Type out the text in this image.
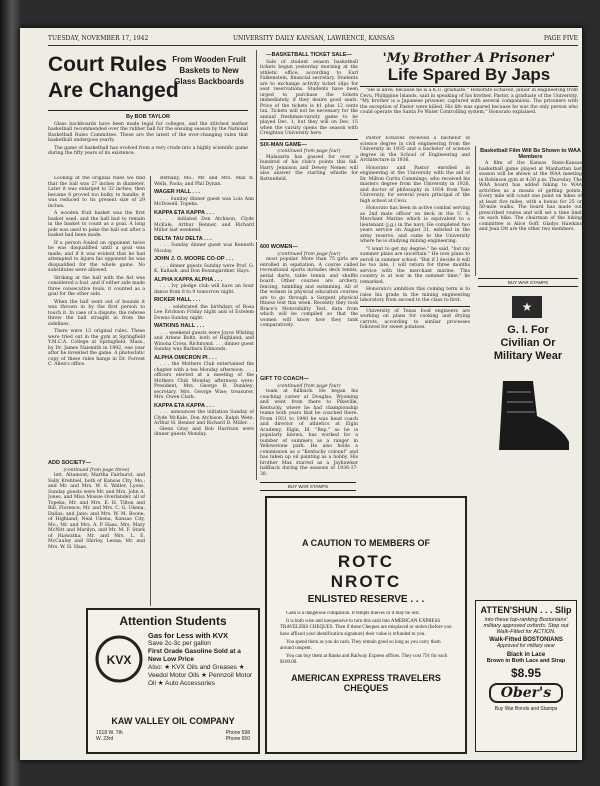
TUESDAY, NOVEMBER 17, 1942	UNIVERSITY DAILY KANSAN, LAWRENCE, KANSAS	PAGE FIVE
Court Rules
Are Changed
From Wooden Fruit
Baskets to New
Glass Backboards
By BOB TAYLOR

Glass backboards have been made legal for colleges, and the stitched leather basketball recommended over the rubber ball for the ensuing season by the National Basketball Rules Committee. These are the latest of the ever-changing rules that basketball undergoes yearly.

The game of basketball has evolved from a very crude into a highly scientific game during the fifty years of its existence.

Looking at the original rules we find that the ball was 27 inches in diameter. Later it was enlarged to 32 inches; then became 8 proved too bulky to handle; it was reduced to its present size of 29 inches.

A wooden fruit basket was the first basket used, and the ball had to remain in the basket to count as a goal. A long pole was used to poke the ball out after a basket had been made.

If a person fouled an opponent twice he was disqualified until a goal was made; and if it was evident that he had attempted to injure his opponent he was disqualified for the whole game. No substitutes were allowed.

Striking at the ball with the fist was considered a foul, and if either side made three consecutive fouls, it counted as a goal for the other side.

When the ball went out of bounds it was thrown in by the first person to touch it. In case of a dispute, the referee threw the ball straight in from the sidelines.

There were 13 original rules. These were tried out in the gym at Springfield Y.M.C.A. College at Springfield, Mass., by Dr. James Naismith in 1892, one year after he invented the game. A photostatic copy of these rules hangs in Dr. Forrest C. Allen's office.

ADD SOCIETY—
(continued from page three)

lett, Altamont; Martha Fairhurst, and Sally Krehbiel, both of Kansas City, Mo.; and Mr. and Mrs. W. S. Waller, Lyons. Sunday guests were Mr. and Mrs. John A. Jones, and Miss Mossie Overlander, all of Topeka; Mr. and Mrs. E. H. Tilton and Bill, Florence; Mr. and Mrs. C. G. Ukena, Dallas; and Jane; and Mrs. W. M. Boone, of Highland; Neal Ukena, Kansas City, Mo.; Mr. and Mrs. A. P. Haas, Mrs. Mary McNitt and Marilyn, and Mr. M. F. Stark of Hiawatha; Mr. and Mrs. L. E. McCauley and Shirley, Leona; Mr. and Mrs. W. H. Haas.

Bethany, Mo.; Mr. and Mrs. Max R. Wells, Paola; and Phil Dynan.

WAGER HALL . . .

. . . Sunday dinner guest was Lois Ann McDowell, Topeka.

KAPPA ETA KAPPA . . .

. . . initiated Don Atchison, Clyde McKale, Arthur Benner, and Richard Miller last weekend.

DELTA TAU DELTA . . .

. . . Sunday dinner guest was Kenneth Nicolay.

JOHN J. O. MOORE CO-OP . . .

. . . dinner guests Sunday were Prof. G. K. Kallash, and Don Bosungardner, Hays.

ALPHA KAPPA ALPHA . . .

. . . Ivy pledge club will have an hour dance from 8 to 9 tomorrow night.

RICKER HALL . . .

. . . celebrated the birthdays of Rosa Lee Erickson Friday night and of Estelem Downs Sunday night.

WATKINS HALL . . .

. . . weekend guests were Joyce Whiting and Arlene Boltz, both of Highland; and Winona Cross, Richmond. . . . dinner guest Sunday was Barbara Edmonds.

ALPHA OMICRON PI . . .

. . . the Mothers Club entertained the chapter with a tea Monday afternoon. . . . officers elected at a meeting of the Mothers Club Monday afternoon were: President, Mrs. George B. Dunkley; secretary, Mrs. George Wise; treasurer, Mrs. Owen Clark.

KAPPA ETA KAPPA . . .

. . . announces the initiation Sunday of Clyde McKale, Don Atchison, Ralph Wete, Arthur H. Benner and Richard D. Miller. . . . Glenn Gray and Bob Harrison were dinner guests Monday.

—BASKETBALL TICKET SALE—

Sale of student season basketball tickets begun yesterday morning at the athletic office, according to Earl Falkenstein, financial secretary. Students are to exchange activity ticket slips for seat reservations. Students have been urged to purchase the tickets immediately, if they desire good seats. Price of the tickets is $1 plus 12 cents tax. Tickets will not be necessary for the annual freshman-varsity game to be played Dec. 1, but they will on Dec. 15 when the varsity opens the season with Creighton University here.

SIX-MAN GAME—
(continued from page four)

Malasarin has passed for over a hundred of his club's points this fall. Harry Jennison and Dewey Nemec will also answer the starting whistle for Battenfield.

600 WOMEN—
(continued from page four)

most popular. More than 75 girls are enrolled in equitation. A course called recreational sports includes deck tennis, aerial darts, table tennis and shuffle board. Other courses are archery, fencing, tumbling and swimming. All of the women in physical education courses are to go through a Sargent physical fitness test this week. Recently they took Brace's Motorability Test, data from which will be compiled so that the women will know how they rank comparatively.

GIFT TO COACH—
(continued from page four)

team at fullback. He began his coaching career at Douglas, Wyoming and went from there to Pikeville, Kentucky, where he had championship teams both years that he coached there. From 1931 to 1940 he was head coach and director of athletics at Elgin Academy, Elgin, Ill. "Rep," as he is popularly known, has worked for a number of summers as a ranger in Yellowstone park. He also holds a commission as a "Kentucky colonel" and has taken up oil painting as a hobby. His brother Max starred as a Jayhawker halfback during the seasons of 1936-37-38.

BUY WAR STAMPS
'My Brother A Prisoner'
Life Spared By Japs

"He is alive, because he is a K.U. graduate," Honorato Echavez, junior in engineering from Cevu, Philippine Islands, said in speaking of his brother, Pastor, a graduate of the University. "My brother is a Japanese prisoner, captured with several companions. The prisoners with the exception of Pastor were killed. His life was spared because he was the only person who could operate the Santa Fe Water Controlling system," Honorato explained.

Pastor Echavez received a bachelor of science degree in civil engineering from the University in 1935 and a bachelor of science degree in the School of Engineering and Architecture in 1936.

Honorato and Pastor enrolled in engineering at the University with the aid of Dr. Milton Curtis Cummings, who received his masters degree from the University in 1926, and doctor of philosophy in 1934 from Yale University, for several years principal of the high school at Cevu.

Honorato has been in active combat serving as 2nd mate officer on deck in the U. S. Merchant Marine which is equivalent to a lieutenant (j.g.) in the navy. He completed two years service on August 31, enlisted in the army reserve, and came to the University where he is studying mining engineering.

"I want to get my degree," he said, "but my summer plans are uncertain." He now plans to enroll in summer school. "But if I decide it will be too late, I will return for three months service with the merchant marine. This country is at war in the summer time," he remarked.

Honorato's ambition this coming term is to raise his grade in the mining engineering laboratory from second to the class to first.

University of Texas food engineers are working on plans for cooking and drying carrots, according to similar processes followed for sweet potatoes.

Basketball Film Will Be Shown to WAA Members

A film of the Kansas State-Kansas basketball game played at Manhattan last season will be shown at the WAA meeting in Robinson gym at 4:30 p.m. Thursday. The WAA board has added hiking to WAA activities as a means of getting points. Every mile will count one point on hikes of at least five miles, with a bonus for 25 or 50-mile walks. The board has made out prescribed routes and will set a time limit on each hike. The chairman of the hiking committee is Alice Goff. Gladys Hawkins and Jean Ott are the other two members.

BUY WAR STAMPS
★
G. I. For
Civilian Or
Military Wear
Attention Students
KVX
Gas for Less with KVX
Save 2c-3c per gallon
First Grade Gasoline Sold at a New Low Price
Also: ★ KVX Oils and Greases ★ Veedol Motor Oils ★ Pennzoil Motor Oil ★ Auto Accessories
KAW VALLEY OIL COMPANY
1518 W. 7th
W. 23rd
Phone 598
Phone 650
A CAUTION TO MEMBERS OF
ROTC
NROTC
ENLISTED RESERVE . . .

Cash is a dangerous companion. It tempts thieves or it may be lost.

It is both wise and inexpensive to turn this cash into AMERICAN EXPRESS TRAVELERS CHEQUES. Then if these Cheques are misplaced or stolen (before you have affixed your identification signature) their value is refunded to you.

You spend them as you do cash. They remain good so long as you carry them around unspent.

You can buy them at Banks and Railway Express offices. They cost 75¢ for each $100.00.

AMERICAN EXPRESS TRAVELERS CHEQUES
ATTEN'SHUN . . . Slip
into these top-ranking Bostonians' military approved oxfords. Step out Walk-Fitted for ACTION.
Walk-Fitted BOSTONIANS
Approved for military wear
Black in Lace
Brown in Both Lace and Strap
$8.95
Ober's
Buy War Bonds and Stamps
